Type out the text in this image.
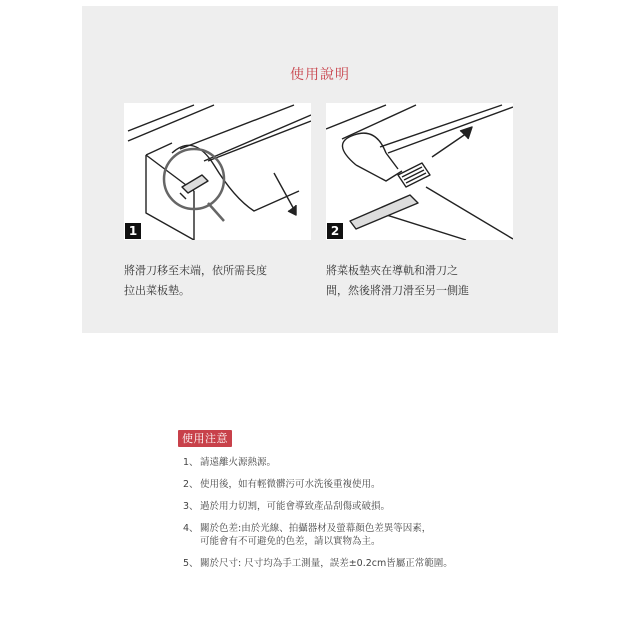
使用說明
1	2
將滑刀移至末端，依所需長度
拉出菜板墊。
將菜板墊夾在導軌和滑刀之
間，然後將滑刀滑至另一側進
使用注意
1、請遠離火源熱源。
2、使用後，如有輕微髒污可水洗後重複使用。
3、過於用力切割，可能會導致產品刮傷或破損。
4、關於色差:由於光線、拍攝器材及螢幕顏色差異等因素，
可能會有不可避免的色差，請以實物為主。
5、關於尺寸: 尺寸均為手工測量，誤差±0.2cm皆屬正常範圍。
